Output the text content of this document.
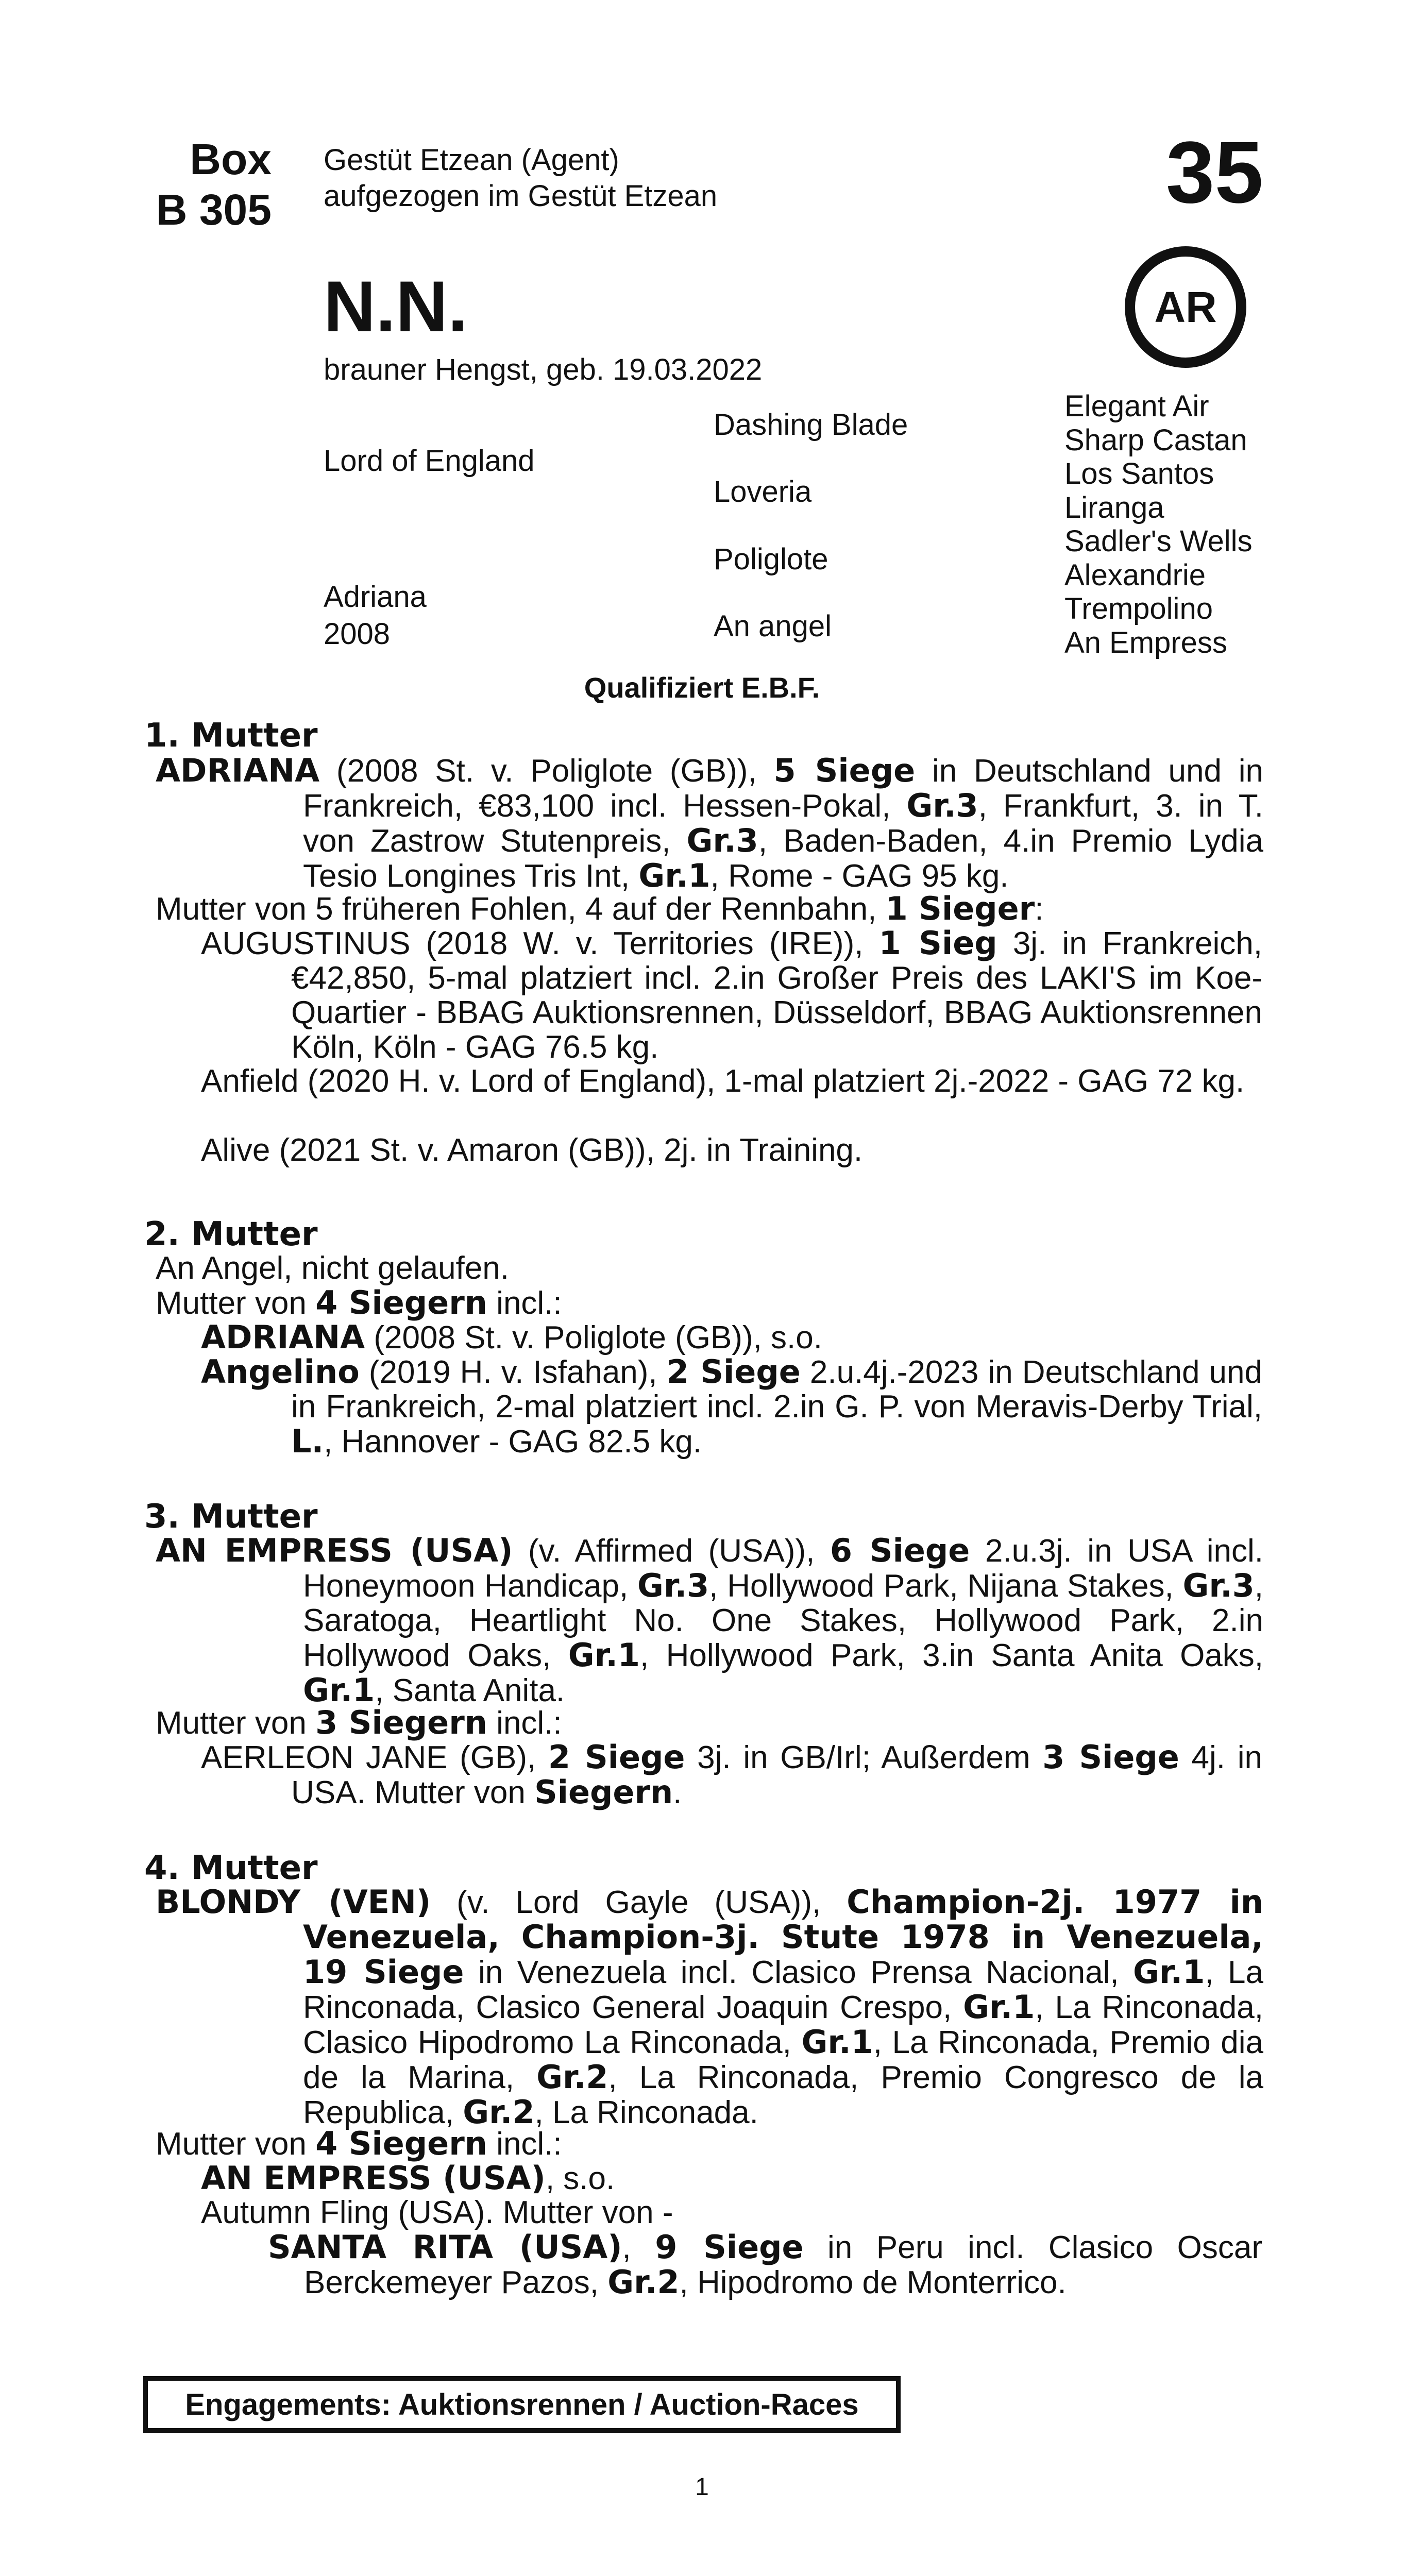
Box
B 305
Gestüt Etzean (Agent)
aufgezogen im Gestüt Etzean	35
AR
N.N.
brauner Hengst, geb. 19.03.2022
Lord of England
Adriana
2008
Dashing Blade
Loveria
Poliglote
An angel
Elegant Air
Sharp Castan
Los Santos
Liranga
Sadler's Wells
Alexandrie
Trempolino
An Empress
Qualifiziert E.B.F.
1. Mutter
ADRIANA (2008 St. v. Poliglote (GB)), 5 Siege in Deutschland und in Frankreich, €83,100 incl. Hessen-Pokal, Gr.3, Frankfurt, 3. in T. von Zastrow Stutenpreis, Gr.3, Baden-Baden, 4.in Premio Lydia Tesio Longines Tris Int, Gr.1, Rome - GAG 95 kg.
Mutter von 5 früheren Fohlen, 4 auf der Rennbahn, 1 Sieger:
AUGUSTINUS (2018 W. v. Territories (IRE)), 1 Sieg 3j. in Frankreich, €42,850, 5-mal platziert incl. 2.in Großer Preis des LAKI'S im Koe-Quartier - BBAG Auktionsrennen, Düsseldorf, BBAG Auktionsrennen Köln, Köln - GAG 76.5 kg.
Anfield (2020 H. v. Lord of England), 1-mal platziert 2j.-2022 - GAG 72 kg.
Alive (2021 St. v. Amaron (GB)), 2j. in Training.
2. Mutter
An Angel, nicht gelaufen.
Mutter von 4 Siegern incl.:
ADRIANA (2008 St. v. Poliglote (GB)), s.o.
Angelino (2019 H. v. Isfahan), 2 Siege 2.u.4j.-2023 in Deutschland und in Frankreich, 2-mal platziert incl. 2.in G. P. von Meravis-Derby Trial, L., Hannover - GAG 82.5 kg.
3. Mutter
AN EMPRESS (USA) (v. Affirmed (USA)), 6 Siege 2.u.3j. in USA incl. Honeymoon Handicap, Gr.3, Hollywood Park, Nijana Stakes, Gr.3, Saratoga, Heartlight No. One Stakes, Hollywood Park, 2.in Hollywood Oaks, Gr.1, Hollywood Park, 3.in Santa Anita Oaks, Gr.1, Santa Anita.
Mutter von 3 Siegern incl.:
AERLEON JANE (GB), 2 Siege 3j. in GB/Irl; Außerdem 3 Siege 4j. in USA. Mutter von Siegern.
4. Mutter
BLONDY (VEN) (v. Lord Gayle (USA)), Champion-2j. 1977 in Venezuela, Champion-3j. Stute 1978 in Venezuela, 19 Siege in Venezuela incl. Clasico Prensa Nacional, Gr.1, La Rinconada, Clasico General Joaquin Crespo, Gr.1, La Rinconada, Clasico Hipodromo La Rinconada, Gr.1, La Rinconada, Premio dia de la Marina, Gr.2, La Rinconada, Premio Congresco de la Republica, Gr.2, La Rinconada.
Mutter von 4 Siegern incl.:
AN EMPRESS (USA), s.o.
Autumn Fling (USA). Mutter von -
SANTA RITA (USA), 9 Siege in Peru incl. Clasico Oscar Berckemeyer Pazos, Gr.2, Hipodromo de Monterrico.
Engagements: Auktionsrennen / Auction-Races
1
